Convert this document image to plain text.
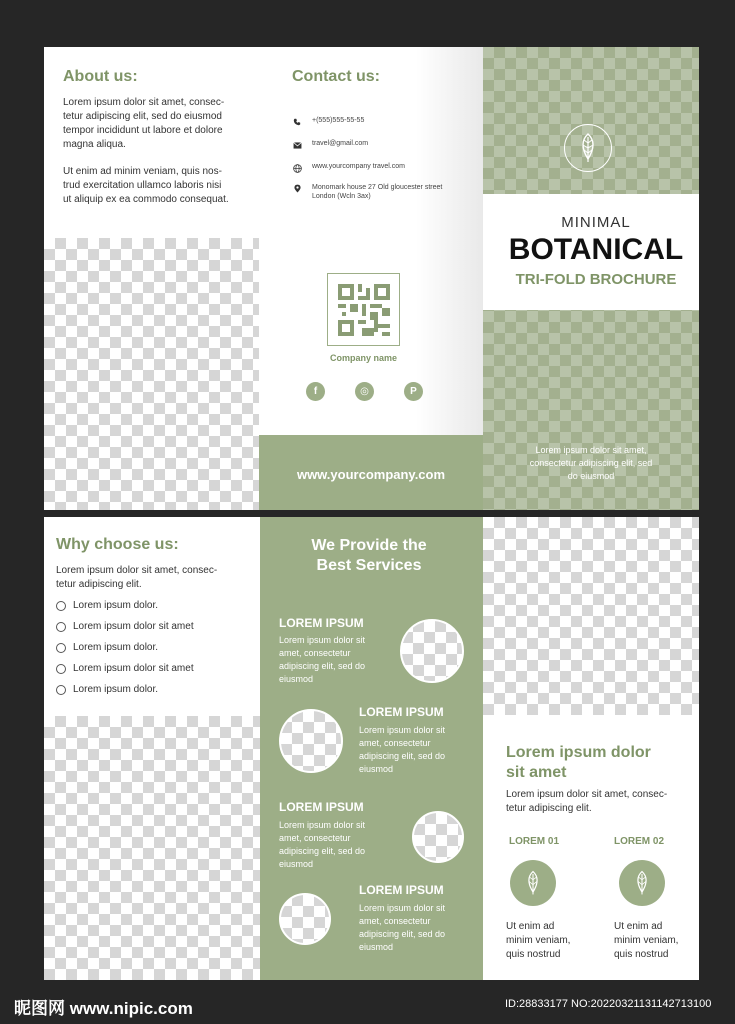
About us:
Lorem ipsum dolor sit amet, consec-
tetur adipiscing elit, sed do eiusmod
tempor incididunt ut labore et dolore
magna aliqua.
Ut enim ad minim veniam, quis nos-
trud exercitation ullamco laboris nisi
ut aliquip ex ea commodo consequat.
Contact us:
+(555)555-55-55
travel@gmail.com
www.yourcompany travel.com
Monomark house 27 Old gloucester street
London (Wcln 3ax)
Company name
f	◎	P
www.yourcompany.com
MINIMAL
BOTANICAL
TRI-FOLD BROCHURE
Lorem ipsum dolor sit amet,
consectetur adipiscing elit, sed
do eiusmod
Why choose us:
Lorem ipsum dolor sit amet, consec-
tetur adipiscing elit.
Lorem ipsum dolor.
Lorem ipsum dolor sit amet
Lorem ipsum dolor.
Lorem ipsum dolor sit amet
Lorem ipsum dolor.
We Provide the
Best Services
LOREM IPSUM
Lorem ipsum dolor sit
amet, consectetur
adipiscing elit, sed do
eiusmod
LOREM IPSUM
Lorem ipsum dolor sit
amet, consectetur
adipiscing elit, sed do
eiusmod
LOREM IPSUM
Lorem ipsum dolor sit
amet, consectetur
adipiscing elit, sed do
eiusmod
LOREM IPSUM
Lorem ipsum dolor sit
amet, consectetur
adipiscing elit, sed do
eiusmod
Lorem ipsum dolor
sit amet
Lorem ipsum dolor sit amet, consec-
tetur adipiscing elit.
LOREM 01
Ut enim ad
minim veniam,
quis nostrud
LOREM 02
Ut enim ad
minim veniam,
quis nostrud
昵图网 www.nipic.com	ID:28833177 NO:20220321131142713100
